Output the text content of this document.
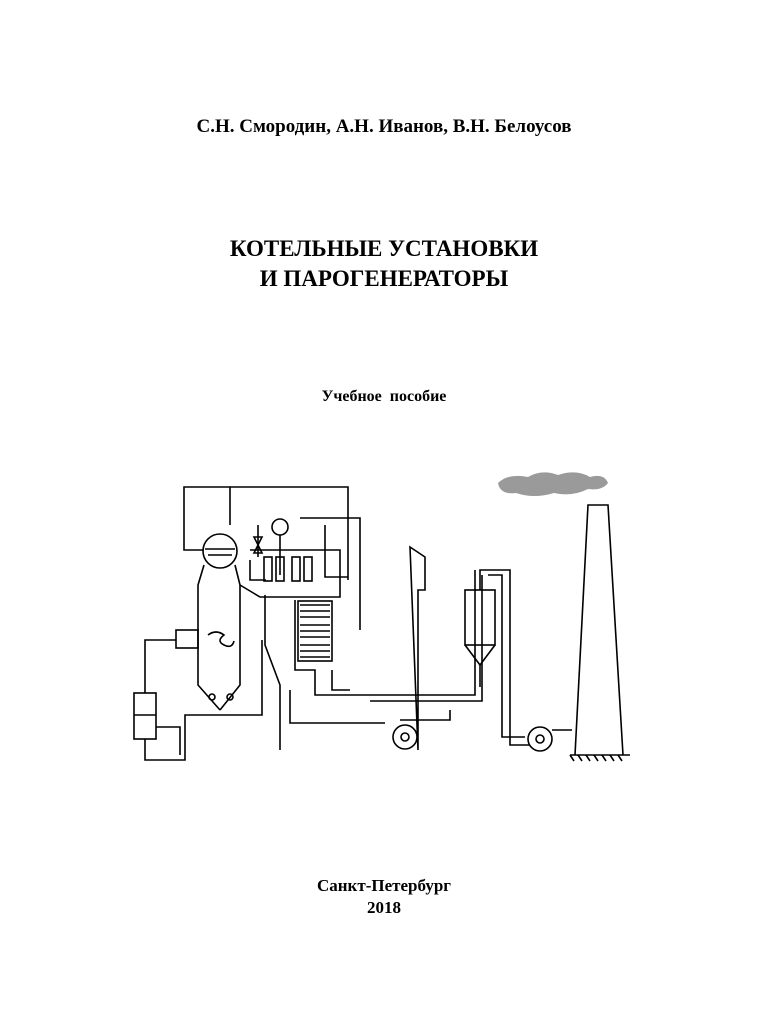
С.Н. Смородин, А.Н. Иванов, В.Н. Белоусов
КОТЕЛЬНЫЕ УСТАНОВКИ
И ПАРОГЕНЕРАТОРЫ
Учебное пособие
Санкт-Петербург
2018
